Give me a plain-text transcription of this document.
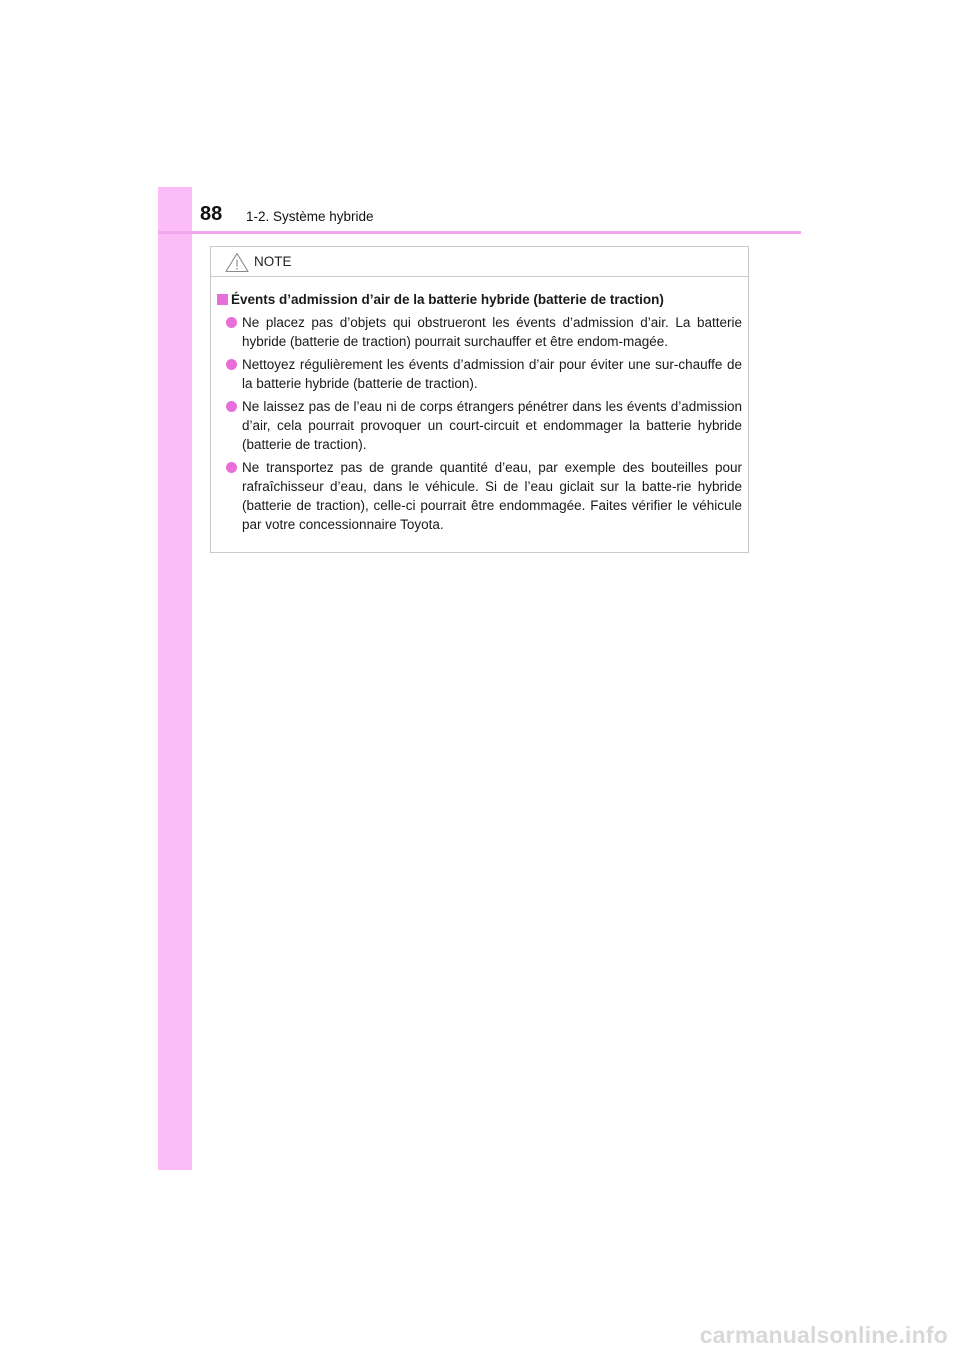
88 1-2. Système hybride
NOTE
Évents d’admission d’air de la batterie hybride (batterie de traction)
Ne placez pas d’objets qui obstrueront les évents d’admission d’air. La batterie hybride (batterie de traction) pourrait surchauffer et être endom-magée.
Nettoyez régulièrement les évents d’admission d’air pour éviter une sur-chauffe de la batterie hybride (batterie de traction).
Ne laissez pas de l’eau ni de corps étrangers pénétrer dans les évents d’admission d’air, cela pourrait provoquer un court-circuit et endommager la batterie hybride (batterie de traction).
Ne transportez pas de grande quantité d’eau, par exemple des bouteilles pour rafraîchisseur d’eau, dans le véhicule. Si de l’eau giclait sur la batte-rie hybride (batterie de traction), celle-ci pourrait être endommagée. Faites vérifier le véhicule par votre concessionnaire Toyota.
carmanualsonline.info
